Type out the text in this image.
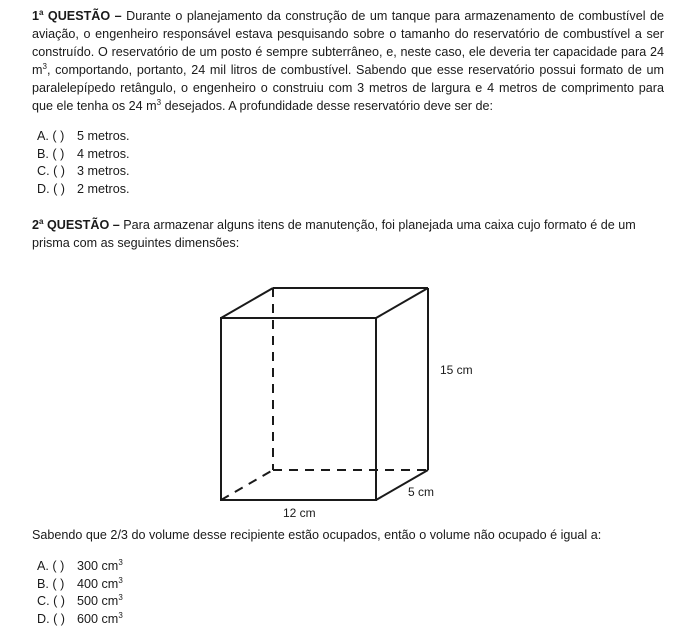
1$^a$ QUESTÃO – Durante o planejamento da construção de um tanque para armazenamento de combustível de aviação, o engenheiro responsável estava pesquisando sobre o tamanho do reservatório de combustível a ser construído. O reservatório de um posto é sempre subterrâneo, e, neste caso, ele deveria ter capacidade para 24 $m^3$, comportando, portanto, 24 mil litros de combustível. Sabendo que esse reservatório possui formato de um paralelepípedo retângulo, o engenheiro o construiu com 3 metros de largura e 4 metros de comprimento para que ele tenha os 24 $m^3$ desejados. A profundidade desse reservatório deve ser de:
A. ( ) 5 metros.
B. ( ) 4 metros.
C. ( ) 3 metros.
D. ( ) 2 metros.
2$^a$ QUESTÃO – Para armazenar alguns itens de manutenção, foi planejada uma caixa cujo formato é de um prisma com as seguintes dimensões:
15 cm
5 cm
12 cm
Sabendo que 2/3 do volume desse recipiente estão ocupados, então o volume não ocupado é igual a:
A. ( ) 300 $cm^3$
B. ( ) 400 $cm^3$
C. ( ) 500 $cm^3$
D. ( ) 600 $cm^3$
